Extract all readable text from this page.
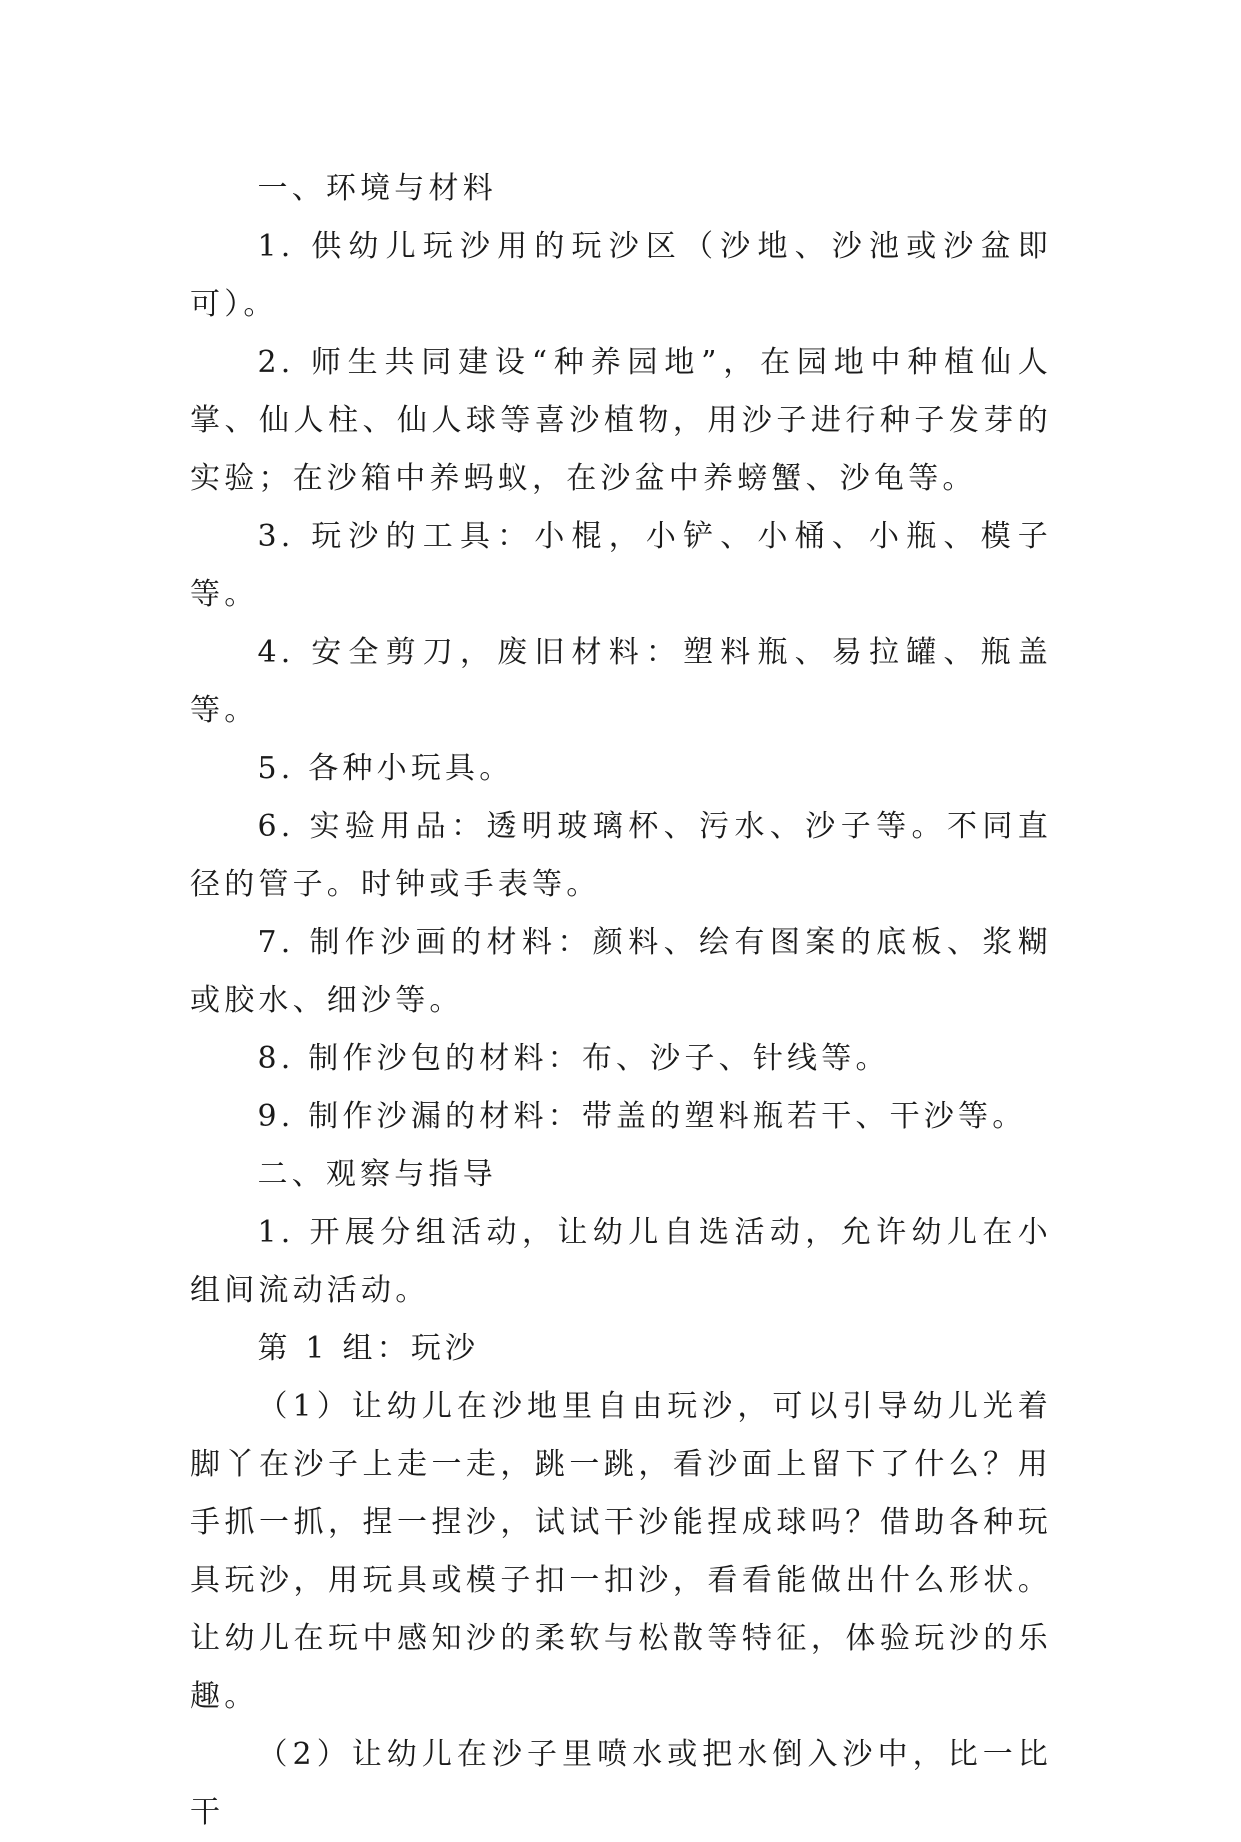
一、环境与材料

1. 供幼儿玩沙用的玩沙区（沙地、沙池或沙盆即可）。

2. 师生共同建设“种养园地”，在园地中种植仙人掌、仙人柱、仙人球等喜沙植物，用沙子进行种子发芽的实验；在沙箱中养蚂蚁，在沙盆中养螃蟹、沙龟等。

3. 玩沙的工具：小棍，小铲、小桶、小瓶、模子等。

4. 安全剪刀，废旧材料：塑料瓶、易拉罐、瓶盖等。

5. 各种小玩具。

6. 实验用品：透明玻璃杯、污水、沙子等。不同直径的管子。时钟或手表等。

7. 制作沙画的材料：颜料、绘有图案的底板、浆糊或胶水、细沙等。

8. 制作沙包的材料：布、沙子、针线等。

9. 制作沙漏的材料：带盖的塑料瓶若干、干沙等。

二、观察与指导

1. 开展分组活动，让幼儿自选活动，允许幼儿在小组间流动活动。

第 1 组：玩沙

（1）让幼儿在沙地里自由玩沙，可以引导幼儿光着脚丫在沙子上走一走，跳一跳，看沙面上留下了什么？用手抓一抓，捏一捏沙，试试干沙能捏成球吗？借助各种玩具玩沙，用玩具或模子扣一扣沙，看看能做出什么形状。让幼儿在玩中感知沙的柔软与松散等特征，体验玩沙的乐趣。

（2）让幼儿在沙子里喷水或把水倒入沙中，比一比干
